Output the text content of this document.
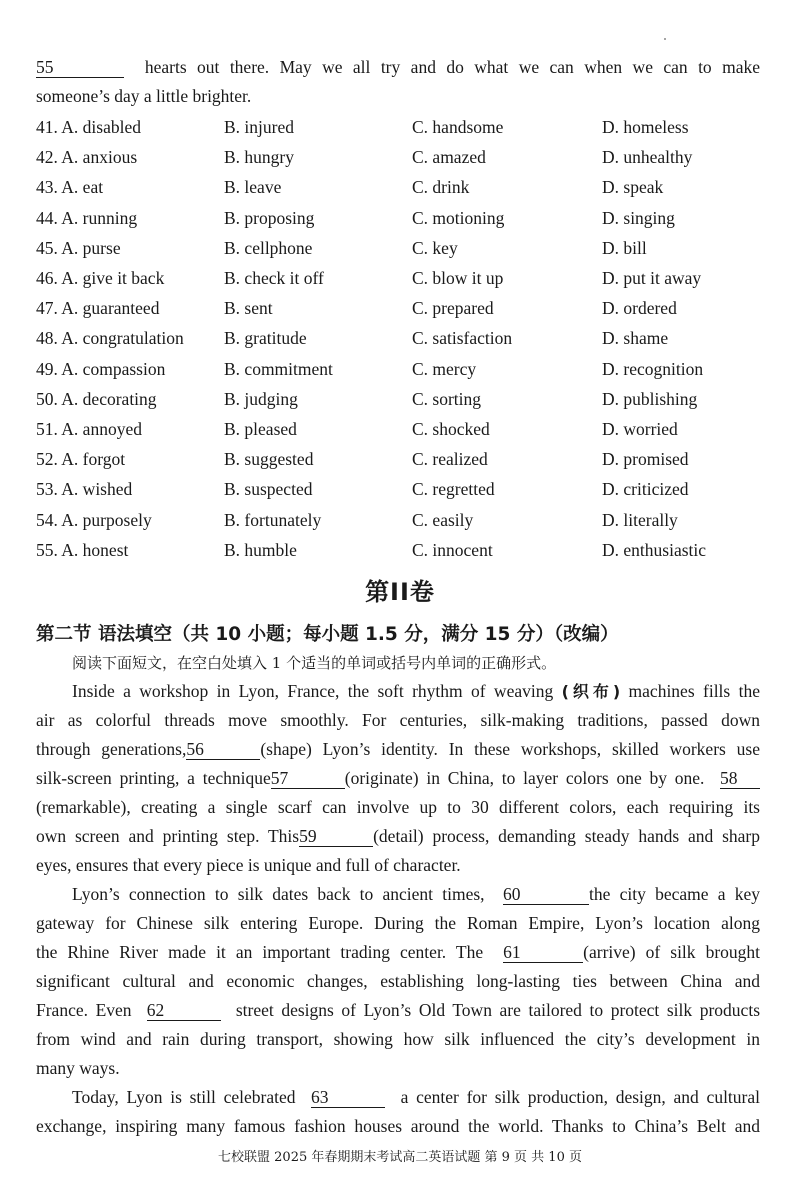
55	hearts out there. May we all try and do what we can when we can to make
someone’s day a little brighter.
41. A. disabled	B. injured	C. handsome	D. homeless
42. A. anxious	B. hungry	C. amazed	D. unhealthy
43. A. eat	B. leave	C. drink	D. speak
44. A. running	B. proposing	C. motioning	D. singing
45. A. purse	B. cellphone	C. key	D. bill
46. A. give it back	B. check it off	C. blow it up	D. put it away
47. A. guaranteed	B. sent	C. prepared	D. ordered
48. A. congratulation B. gratitude	C. satisfaction	D. shame
49. A. compassion	B. commitment	C. mercy	D. recognition
50. A. decorating	B. judging	C. sorting	D. publishing
51. A. annoyed	B. pleased	C. shocked	D. worried
52. A. forgot	B. suggested	C. realized	D. promised
53. A. wished	B. suspected	C. regretted	D. criticized
54. A. purposely	B. fortunately	C. easily	D. literally
55. A. honest	B. humble	C. innocent	D. enthusiastic
第II卷
第二节 语法填空（共 10 小题；每小题 1.5 分，满分 15 分）（改编）
阅读下面短文，在空白处填入 1 个适当的单词或括号内单词的正确形式。
Inside a workshop in Lyon, France, the soft rhythm of weaving (织布) machines fills the
air as colorful threads move smoothly. For centuries, silk-making traditions, passed down
through generations,56	(shape) Lyon’s identity. In these workshops, skilled workers use
silk-screen printing, a technique57	(originate) in China, to layer colors one by one. 58
(remarkable), creating a single scarf can involve up to 30 different colors, each requiring its
own screen and printing step. This59	(detail) process, demanding steady hands and sharp
eyes, ensures that every piece is unique and full of character.
Lyon’s connection to silk dates back to ancient times, 60	the city became a key
gateway for Chinese silk entering Europe. During the Roman Empire, Lyon’s location along
the Rhine River made it an important trading center. The 61	(arrive) of silk brought
significant cultural and economic changes, establishing long-lasting ties between China and
France. Even 62	street designs of Lyon’s Old Town are tailored to protect silk products
from wind and rain during transport, showing how silk influenced the city’s development in
many ways.
Today, Lyon is still celebrated 63	a center for silk production, design, and cultural
exchange, inspiring many famous fashion houses around the world. Thanks to China’s Belt and
七校联盟 2025 年春期期末考试高二英语试题 第 9 页 共 10 页
